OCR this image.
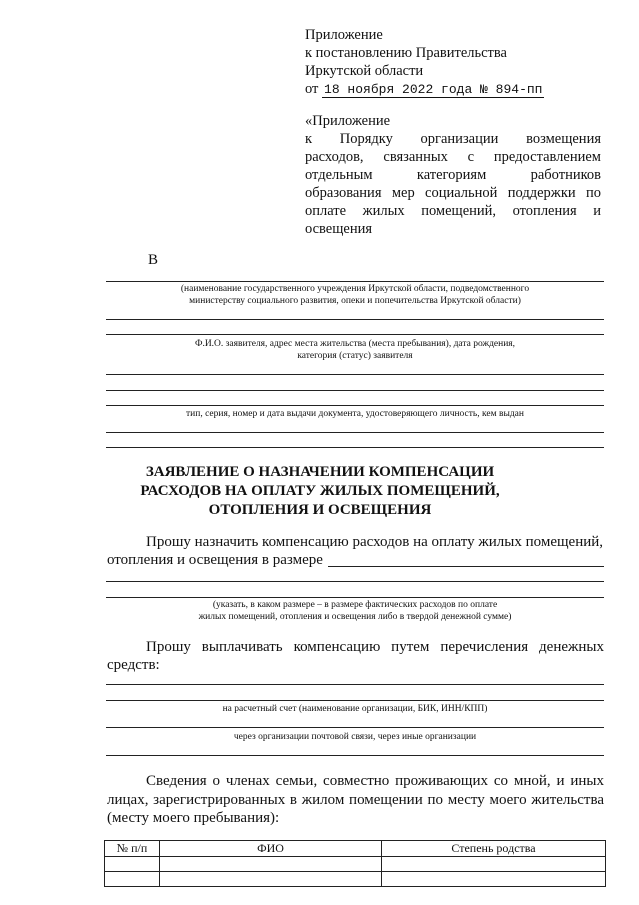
Приложение
к постановлению Правительства
Иркутской области
от 18 ноября 2022 года № 894-пп
«Приложение
к Порядку организации возмещения
расходов, связанных с предоставлением
отдельным категориям работников
образования мер социальной поддержки по
оплате жилых помещений, отопления и
освещения
В
(наименование государственного учреждения Иркутской области, подведомственного
министерству социального развития, опеки и попечительства Иркутской области)
Ф.И.О. заявителя, адрес места жительства (места пребывания), дата рождения,
категория (статус) заявителя
тип, серия, номер и дата выдачи документа, удостоверяющего личность, кем выдан
ЗАЯВЛЕНИЕ О НАЗНАЧЕНИИ КОМПЕНСАЦИИ
РАСХОДОВ НА ОПЛАТУ ЖИЛЫХ ПОМЕЩЕНИЙ,
ОТОПЛЕНИЯ И ОСВЕЩЕНИЯ
Прошу назначить компенсацию расходов на оплату жилых помещений,
отопления и освещения в размере
(указать, в каком размере – в размере фактических расходов по оплате
жилых помещений, отопления и освещения либо в твердой денежной сумме)
Прошу выплачивать компенсацию путем перечисления денежных
средств:
на расчетный счет (наименование организации, БИК, ИНН/КПП)
через организации почтовой связи, через иные организации
Сведения о членах семьи, совместно проживающих со мной, и иных
лицах, зарегистрированных в жилом помещении по месту моего жительства
(месту моего пребывания):
№ п/п	ФИО	Степень родства
